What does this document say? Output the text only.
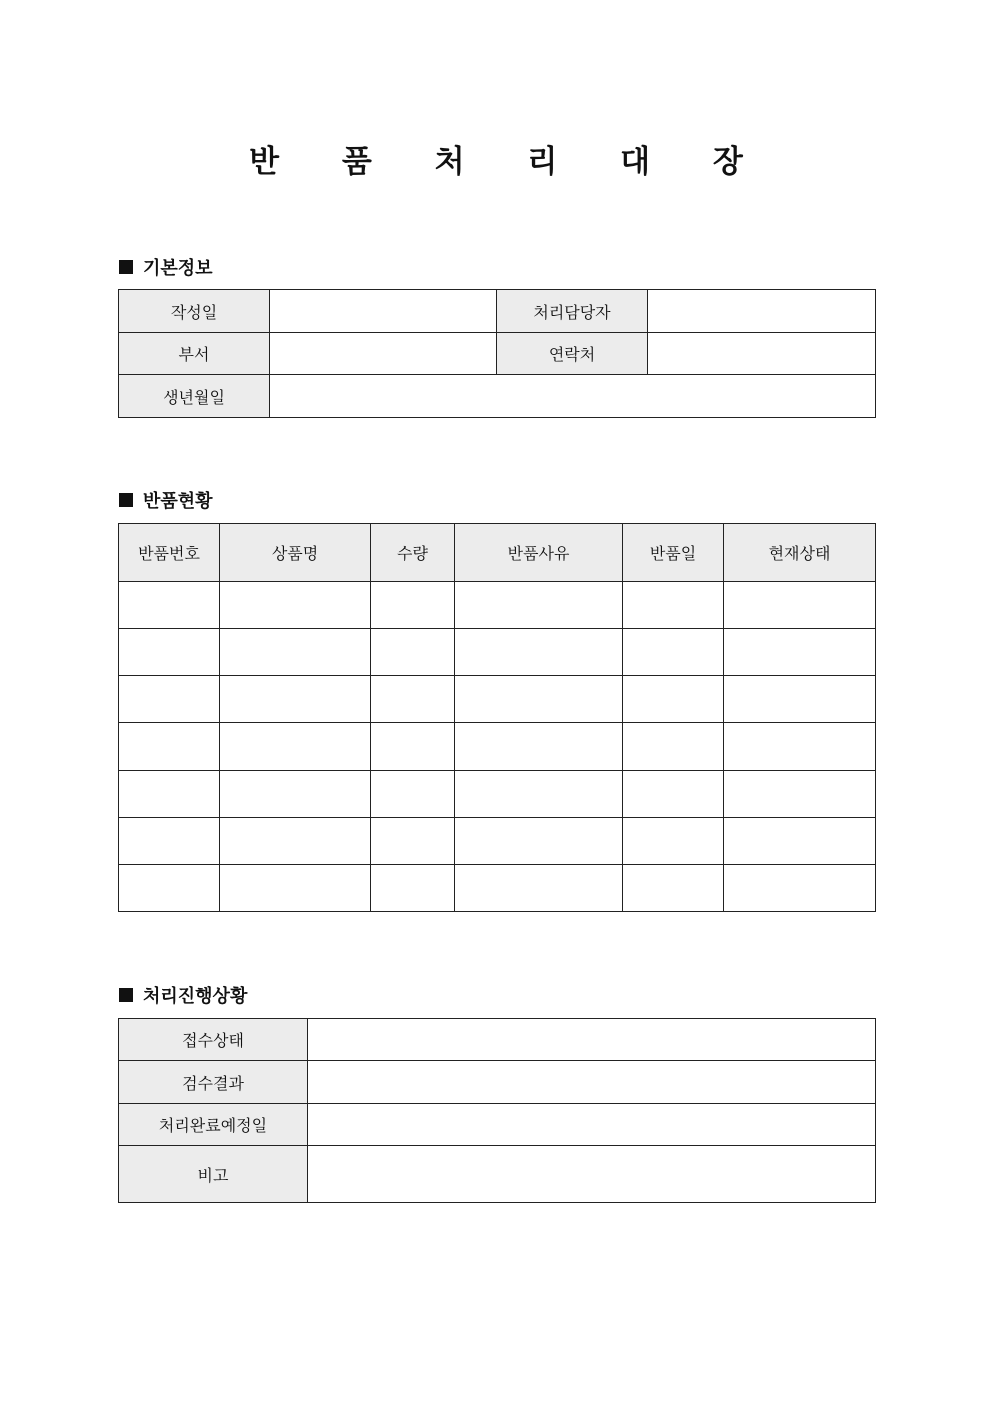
반 품 처 리 대 장
기본정보
작성일		처리담당자	
부서		연락처	
생년월일			
반품현황
반품번호	상품명	수량	반품사유	반품일	현재상태

처리진행상황
접수상태	
검수결과	
처리완료예정일	
비고	
